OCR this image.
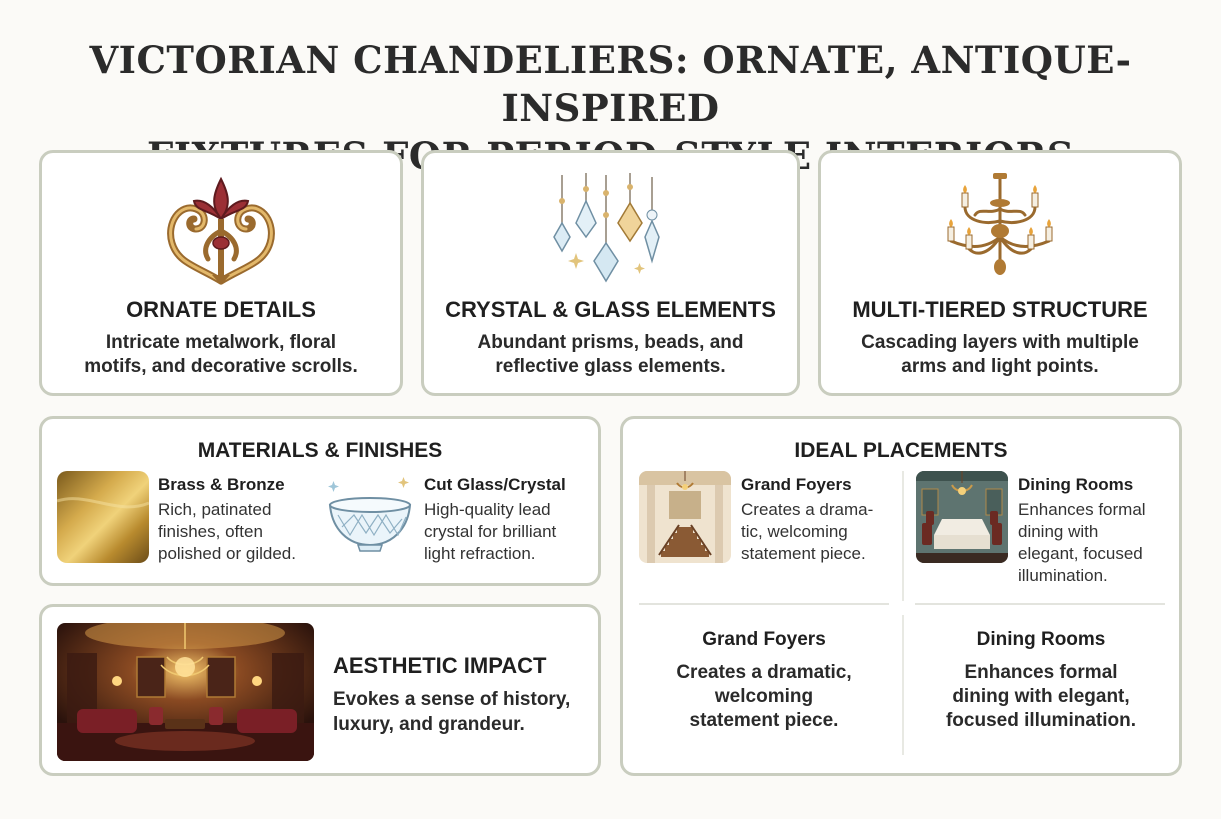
VICTORIAN CHANDELIERS: ORNATE, ANTIQUE-INSPIRED
ORNATE DETAILS
Intricate metalwork, floral
motifs, and decorative scrolls.
CRYSTAL & GLASS ELEMENTS
Abundant prisms, beads, and
reflective glass elements.
MULTI-TIERED STRUCTURE
Cascading layers with multiple
arms and light points.
MATERIALS & FINISHES
Brass & Bronze
Rich, patinated
finishes, often
polished or gilded.
Cut Glass/Crystal
High-quality lead
crystal for brilliant
light refraction.
AESTHETIC IMPACT
Evokes a sense of history,
luxury, and grandeur.
IDEAL PLACEMENTS
Grand Foyers
Creates a drama-
tic, welcoming
statement piece.
Dining Rooms
Enhances formal
dining with
elegant, focused
illumination.
Grand Foyers
Creates a dramatic,
welcoming
statement piece.
Dining Rooms
Enhances formal
dining with elegant,
focused illumination.
